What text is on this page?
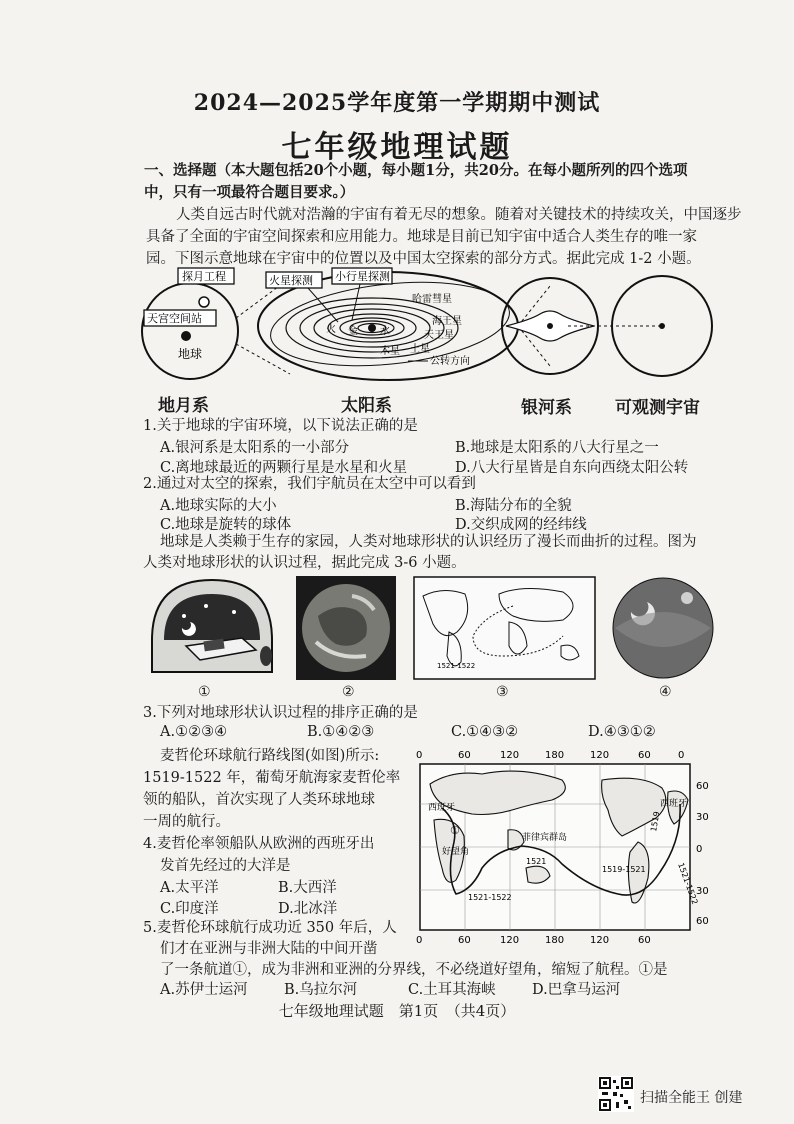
2024—2025学年度第一学期期中测试
七年级地理试题
一、选择题（本大题包括20个小题，每小题1分，共20分。在每小题所列的四个选项
中，只有一项最符合题目要求。）
人类自远古时代就对浩瀚的宇宙有着无尽的想象。随着对关键技术的持续攻关，中国逐步
具备了全面的宇宙空间探索和应用能力。地球是目前已知宇宙中适合人类生存的唯一家
园。下图示意地球在宇宙中的位置以及中国太空探索的部分方式。据此完成 1-2 小题。
探月工程
天宫空间站
地球
火星探测 小行星探测
哈雷彗星
海王星
天王星
土星
木星
火 金 水
公转方向
地月系	太阳系	银河系	可观测宇宙
1.关于地球的宇宙环境，以下说法正确的是
A.银河系是太阳系的一小部分	B.地球是太阳系的八大行星之一
C.离地球最近的两颗行星是水星和火星	D.八大行星皆是自东向西绕太阳公转
2.通过对太空的探索，我们宇航员在太空中可以看到
A.地球实际的大小	B.海陆分布的全貌
C.地球是旋转的球体	D.交织成网的经纬线
地球是人类赖于生存的家园，人类对地球形状的认识经历了漫长而曲折的过程。图为
人类对地球形状的认识过程，据此完成 3-6 小题。
1521-1522
①	②	③	④
3.下列对地球形状认识过程的排序正确的是
A.①②③④	B.①④②③	C.①④③②	D.④③①②
麦哲伦环球航行路线图(如图)所示:
1519-1522 年，葡萄牙航海家麦哲伦率
领的船队，首次实现了人类环球地球
一周的航行。
0	60	120	180	120	60	0
0	60	120	180	120	60
60
30
0
30
60
西班牙	西班牙
菲律宾群岛
好望角
①	1519
1519-1521
1521
1521-1522	1521-1522
4.麦哲伦率领船队从欧洲的西班牙出
发首先经过的大洋是
A.太平洋	B.大西洋
C.印度洋	D.北冰洋
5.麦哲伦环球航行成功近 350 年后，人
们才在亚洲与非洲大陆的中间开凿
了一条航道①，成为非洲和亚洲的分界线，不必绕道好望角，缩短了航程。①是
A.苏伊士运河	B.乌拉尔河	C.土耳其海峡	D.巴拿马运河
七年级地理试题　第1页　（共4页）
扫描全能王 创建
